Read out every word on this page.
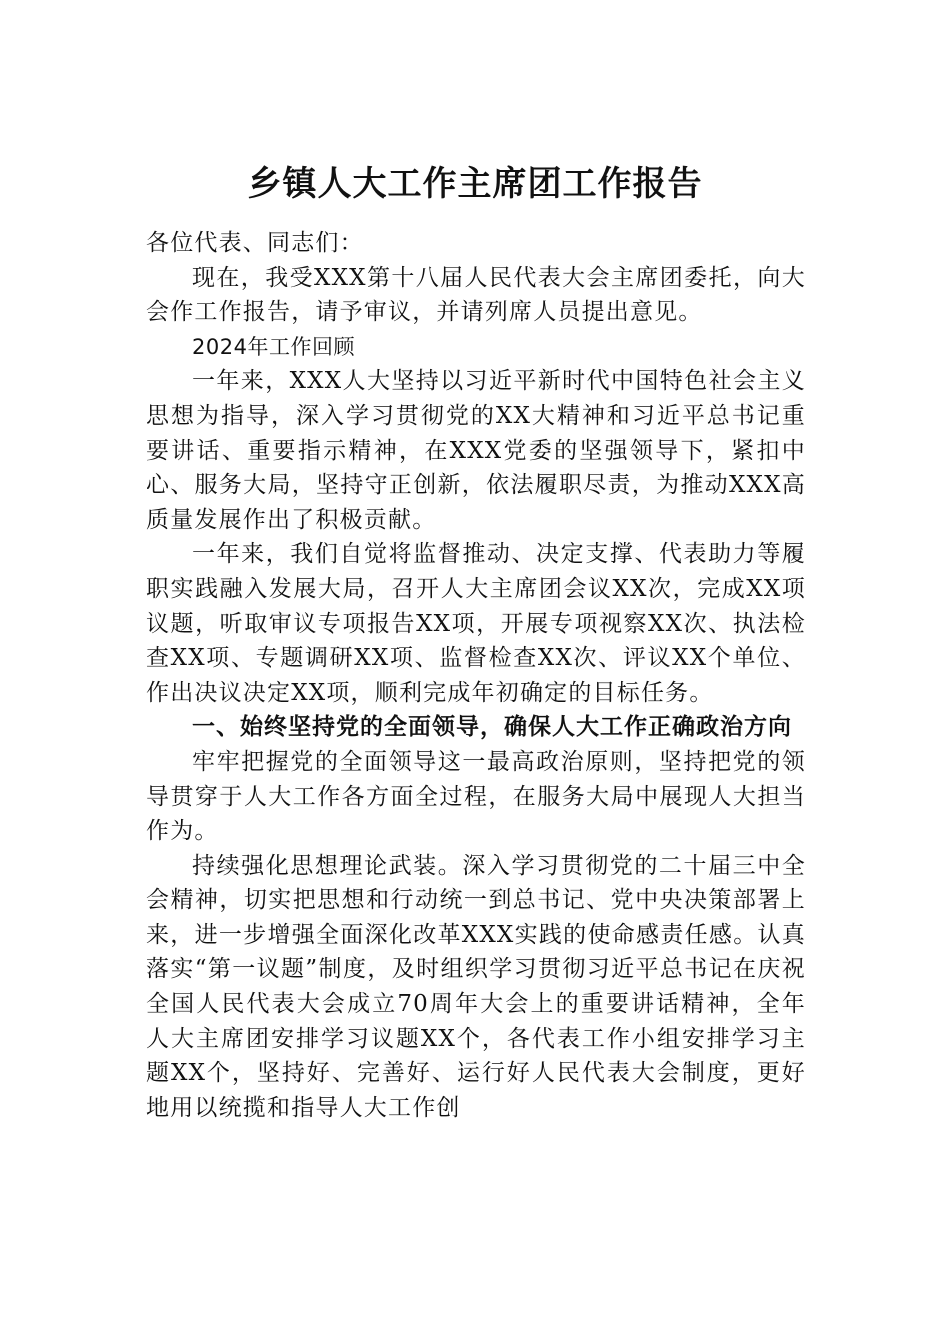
乡镇人大工作主席团工作报告

各位代表、同志们：

现在，我受XXX第十八届人民代表大会主席团委托，向大会作工作报告，请予审议，并请列席人员提出意见。

2024年工作回顾

一年来，XXX人大坚持以习近平新时代中国特色社会主义思想为指导，深入学习贯彻党的XX大精神和习近平总书记重要讲话、重要指示精神，在XXX党委的坚强领导下，紧扣中心、服务大局，坚持守正创新，依法履职尽责，为推动XXX高质量发展作出了积极贡献。

一年来，我们自觉将监督推动、决定支撑、代表助力等履职实践融入发展大局，召开人大主席团会议XX次，完成XX项议题，听取审议专项报告XX项，开展专项视察XX次、执法检查XX项、专题调研XX项、监督检查XX次、评议XX个单位、作出决议决定XX项，顺利完成年初确定的目标任务。

一、始终坚持党的全面领导，确保人大工作正确政治方向

牢牢把握党的全面领导这一最高政治原则，坚持把党的领导贯穿于人大工作各方面全过程，在服务大局中展现人大担当作为。

持续强化思想理论武装。深入学习贯彻党的二十届三中全会精神，切实把思想和行动统一到总书记、党中央决策部署上来，进一步增强全面深化改革XXX实践的使命感责任感。认真落实“第一议题”制度，及时组织学习贯彻习近平总书记在庆祝全国人民代表大会成立70周年大会上的重要讲话精神，全年人大主席团安排学习议题XX个，各代表工作小组安排学习主题XX个，坚持好、完善好、运行好人民代表大会制度，更好地用以统揽和指导人大工作创
